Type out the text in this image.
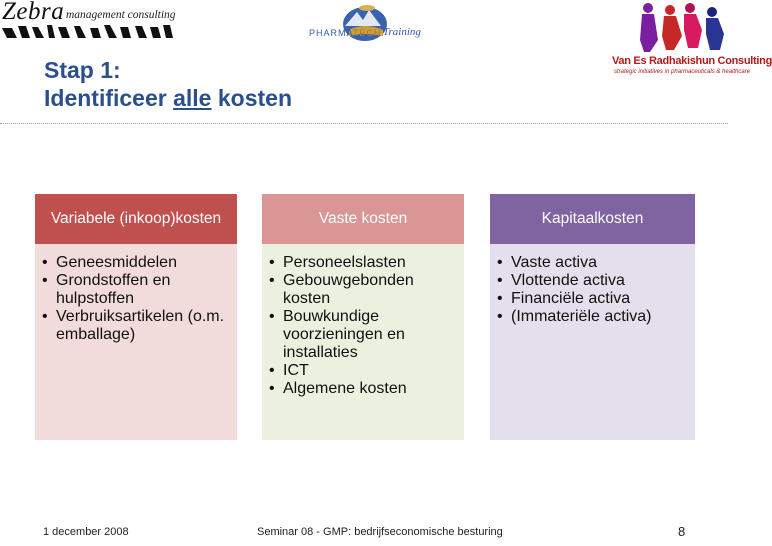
Zebra management consulting
PHARMATECH Training
Van Es Radhakishun Consulting
strategic initiatives in pharmaceuticals & healthcare
Stap 1:
Identificeer alle kosten
Variabele (inkoop)kosten
• Geneesmiddelen
• Grondstoffen en hulpstoffen
• Verbruiksartikelen (o.m. emballage)
Vaste kosten
• Personeelslasten
• Gebouwgebonden kosten
• Bouwkundige voorzieningen en installaties
• ICT
• Algemene kosten
Kapitaalkosten
• Vaste activa
• Vlottende activa
• Financiële activa
• (Immateriële activa)
1 december 2008	Seminar 08 - GMP: bedrijfseconomische besturing	8
